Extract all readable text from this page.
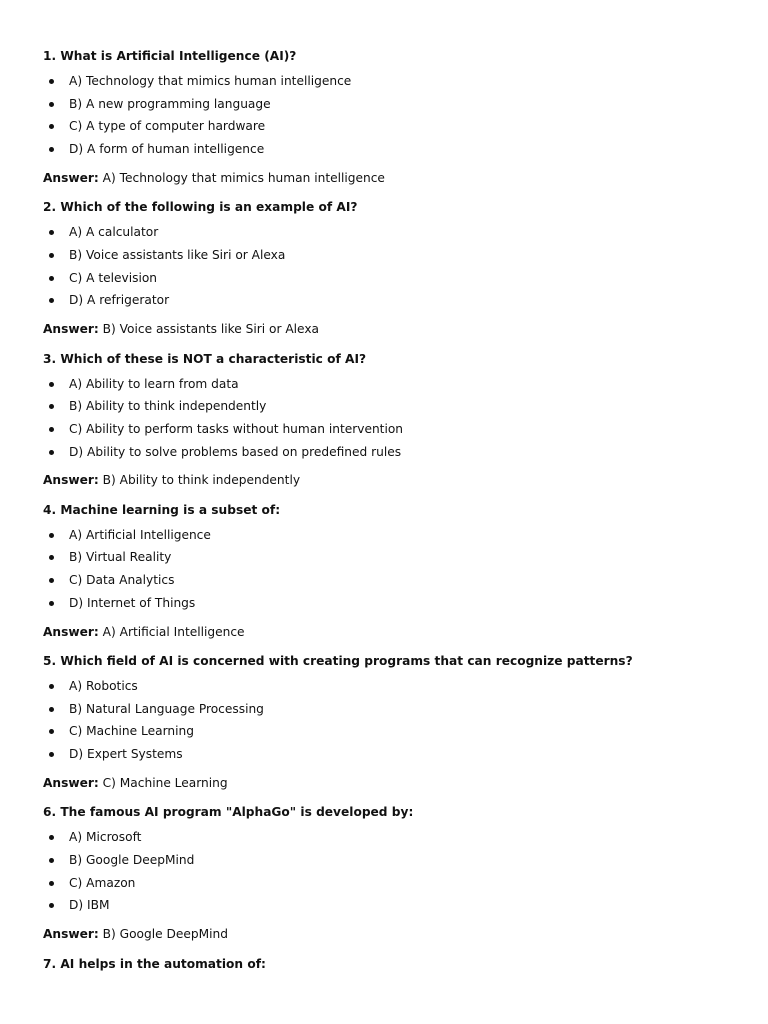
1. What is Artificial Intelligence (AI)?

A) Technology that mimics human intelligence
B) A new programming language
C) A type of computer hardware
D) A form of human intelligence

Answer: A) Technology that mimics human intelligence

2. Which of the following is an example of AI?

A) A calculator
B) Voice assistants like Siri or Alexa
C) A television
D) A refrigerator

Answer: B) Voice assistants like Siri or Alexa

3. Which of these is NOT a characteristic of AI?

A) Ability to learn from data
B) Ability to think independently
C) Ability to perform tasks without human intervention
D) Ability to solve problems based on predefined rules

Answer: B) Ability to think independently

4. Machine learning is a subset of:

A) Artificial Intelligence
B) Virtual Reality
C) Data Analytics
D) Internet of Things

Answer: A) Artificial Intelligence

5. Which field of AI is concerned with creating programs that can recognize patterns?

A) Robotics
B) Natural Language Processing
C) Machine Learning
D) Expert Systems

Answer: C) Machine Learning

6. The famous AI program "AlphaGo" is developed by:

A) Microsoft
B) Google DeepMind
C) Amazon
D) IBM

Answer: B) Google DeepMind

7. AI helps in the automation of:
